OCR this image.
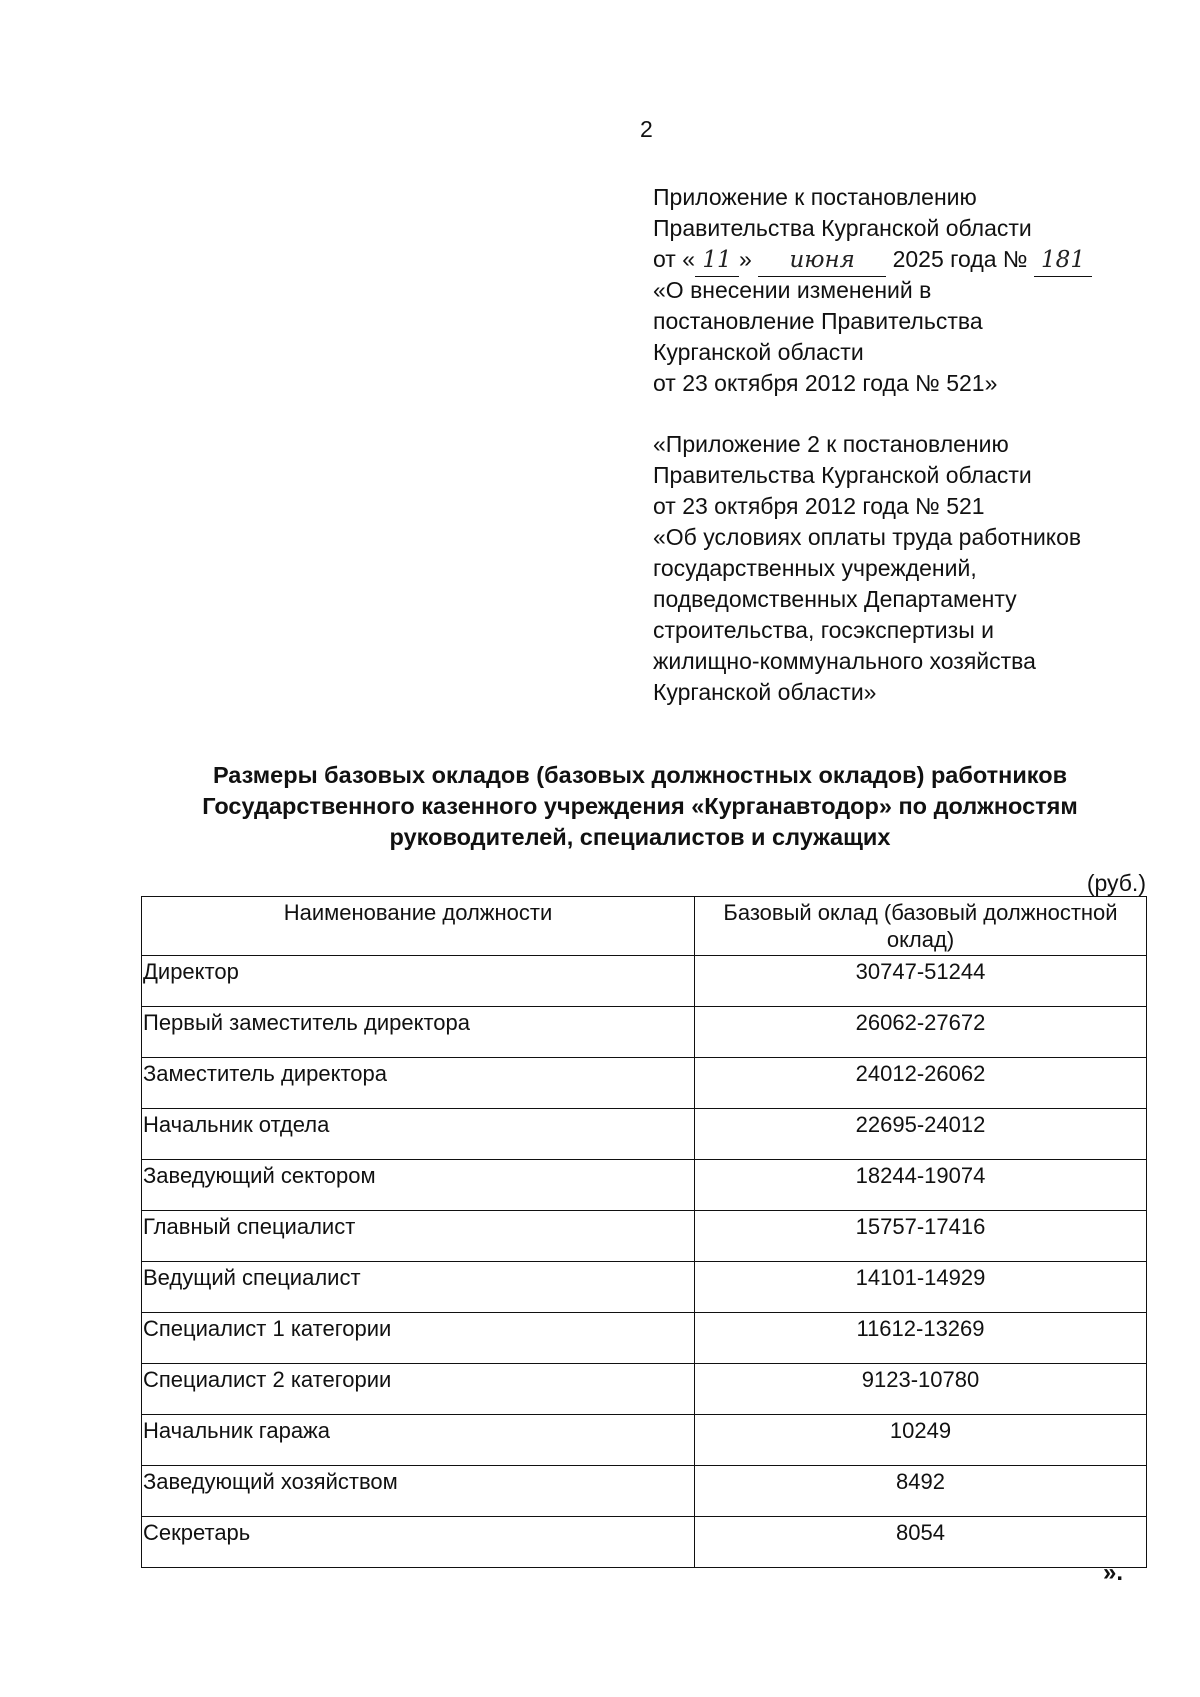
2
Приложение к постановлению
Правительства Курганской области
от « 11 » июня 2025 года № 181
«О внесении изменений в
постановление Правительства
Курганской области
от 23 октября 2012 года № 521»
«Приложение 2 к постановлению
Правительства Курганской области
от 23 октября 2012 года № 521
«Об условиях оплаты труда работников
государственных учреждений,
подведомственных Департаменту
строительства, госэкспертизы и
жилищно-коммунального хозяйства
Курганской области»
Размеры базовых окладов (базовых должностных окладов) работников
Государственного казенного учреждения «Курганавтодор» по должностям
руководителей, специалистов и служащих
(руб.)
Наименование должности	Базовый оклад (базовый должностной оклад)
Директор	30747-51244
Первый заместитель директора	26062-27672
Заместитель директора	24012-26062
Начальник отдела	22695-24012
Заведующий сектором	18244-19074
Главный специалист	15757-17416
Ведущий специалист	14101-14929
Специалист 1 категории	11612-13269
Специалист 2 категории	9123-10780
Начальник гаража	10249
Заведующий хозяйством	8492
Секретарь	8054
».
